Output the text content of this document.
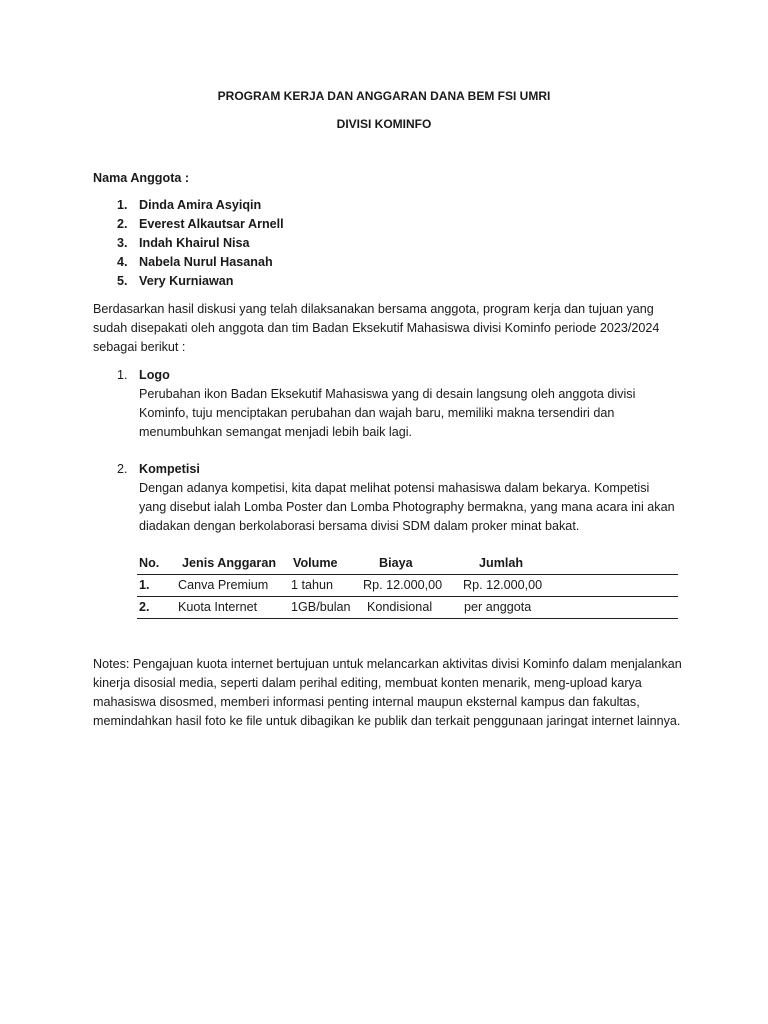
PROGRAM KERJA DAN ANGGARAN DANA BEM FSI UMRI
DIVISI KOMINFO
Nama Anggota :
1. Dinda Amira Asyiqin
2. Everest Alkautsar Arnell
3. Indah Khairul Nisa
4. Nabela Nurul Hasanah
5. Very Kurniawan
Berdasarkan hasil diskusi yang telah dilaksanakan bersama anggota, program kerja dan tujuan yang sudah disepakati oleh anggota dan tim Badan Eksekutif Mahasiswa divisi Kominfo periode 2023/2024 sebagai berikut :
1. Logo
Perubahan ikon Badan Eksekutif Mahasiswa yang di desain langsung oleh anggota divisi Kominfo, tuju menciptakan perubahan dan wajah baru, memiliki makna tersendiri dan menumbuhkan semangat menjadi lebih baik lagi.
2. Kompetisi
Dengan adanya kompetisi, kita dapat melihat potensi mahasiswa dalam bekarya. Kompetisi yang disebut ialah Lomba Poster dan Lomba Photography bermakna, yang mana acara ini akan diadakan dengan berkolaborasi bersama divisi SDM dalam proker minat bakat.
No.	Jenis Anggaran	Volume	Biaya	Jumlah
1.	Canva Premium	1 tahun	Rp. 12.000,00	Rp. 12.000,00
2.	Kuota Internet	1GB/bulan	Kondisional	per anggota
Notes: Pengajuan kuota internet bertujuan untuk melancarkan aktivitas divisi Kominfo dalam menjalankan kinerja disosial media, seperti dalam perihal editing, membuat konten menarik, meng-upload karya mahasiswa disosmed, memberi informasi penting internal maupun eksternal kampus dan fakultas, memindahkan hasil foto ke file untuk dibagikan ke publik dan terkait penggunaan jaringat internet lainnya.
